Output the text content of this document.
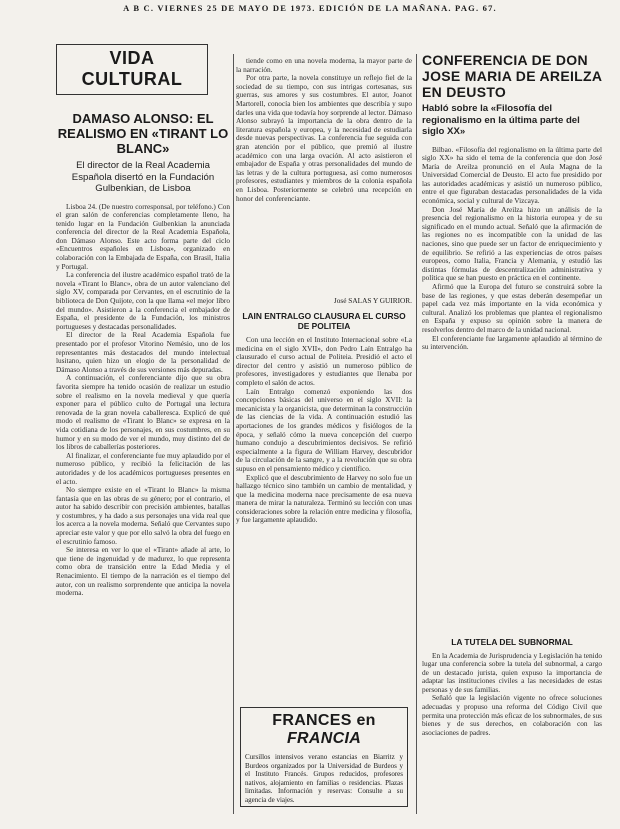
A B C. VIERNES 25 DE MAYO DE 1973. EDICIÓN DE LA MAÑANA. PAG. 67.
VIDA CULTURAL
DAMASO ALONSO: EL REALISMO EN «TIRANT LO BLANC»
El director de la Real Academia Española disertó en la Fundación Gulbenkian, de Lisboa

Lisboa 24. (De nuestro corresponsal, por teléfono.) Con el gran salón de conferencias completamente lleno, ha tenido lugar en la Fundación Gulbenkian la anunciada conferencia del director de la Real Academia Española, don Dámaso Alonso. Este acto forma parte del ciclo «Encuentros españoles en Lisboa», organizado en colaboración con la Embajada de España, con Brasil, Italia y Portugal.

La conferencia del ilustre académico español trató de la novela «Tirant lo Blanc», obra de un autor valenciano del siglo XV, comparada por Cervantes, en el escrutinio de la biblioteca de Don Quijote, con la que llama «el mejor libro del mundo». Asistieron a la conferencia el embajador de España, el presidente de la Fundación, los ministros portugueses y destacadas personalidades.

El director de la Real Academia Española fue presentado por el profesor Vitorino Nemésio, uno de los representantes más destacados del mundo intelectual lusitano, quien hizo un elogio de la personalidad de Dámaso Alonso a través de sus versiones más depuradas.

A continuación, el conferenciante dijo que su obra favorita siempre ha tenido ocasión de realizar un estudio sobre el realismo en la novela medieval y que quería exponer para el público culto de Portugal una lectura renovada de la gran novela caballeresca. Explicó de qué modo el realismo de «Tirant lo Blanc» se expresa en la vida cotidiana de los personajes, en sus costumbres, en su humor y en su modo de ver el mundo, muy distinto del de los libros de caballerías posteriores.

Al finalizar, el conferenciante fue muy aplaudido por el numeroso público, y recibió la felicitación de las autoridades y de los académicos portugueses presentes en el acto.

No siempre existe en el «Tirant lo Blanc» la misma fantasía que en las obras de su género; por el contrario, el autor ha sabido describir con precisión ambientes, batallas y costumbres, y ha dado a sus personajes una vida real que los acerca a la novela moderna. Señaló que Cervantes supo apreciar este valor y que por ello salvó la obra del fuego en el escrutinio famoso.

Se interesa en ver lo que el «Tirant» añade al arte, lo que tiene de ingenuidad y de madurez, lo que representa como obra de transición entre la Edad Media y el Renacimiento. El tiempo de la narración es el tiempo del autor, con un realismo sorprendente que anticipa la novela moderna.

tiende como en una novela moderna, la mayor parte de la narración.

Por otra parte, la novela constituye un reflejo fiel de la sociedad de su tiempo, con sus intrigas cortesanas, sus guerras, sus amores y sus costumbres. El autor, Joanot Martorell, conocía bien los ambientes que describía y supo darles una vida que todavía hoy sorprende al lector. Dámaso Alonso subrayó la importancia de la obra dentro de la literatura española y europea, y la necesidad de estudiarla desde nuevas perspectivas. La conferencia fue seguida con gran atención por el público, que premió al ilustre académico con una larga ovación. Al acto asistieron el embajador de España y otras personalidades del mundo de las letras y de la cultura portuguesa, así como numerosos profesores, estudiantes y miembros de la colonia española en Lisboa. Posteriormente se celebró una recepción en honor del conferenciante.

José SALAS Y GUIRIOR.
LAIN ENTRALGO CLAUSURA EL CURSO DE POLITEIA

Con una lección en el Instituto Internacional sobre «La medicina en el siglo XVII», don Pedro Laín Entralgo ha clausurado el curso actual de Politeia. Presidió el acto el director del centro y asistió un numeroso público de profesores, investigadores y estudiantes que llenaba por completo el salón de actos.

Laín Entralgo comenzó exponiendo las dos concepciones básicas del universo en el siglo XVII: la mecanicista y la organicista, que determinan la construcción de las ciencias de la vida. A continuación estudió las aportaciones de los grandes médicos y fisiólogos de la época, y señaló cómo la nueva concepción del cuerpo humano condujo a descubrimientos decisivos. Se refirió especialmente a la figura de William Harvey, descubridor de la circulación de la sangre, y a la revolución que su obra supuso en el pensamiento médico y científico.

Explicó que el descubrimiento de Harvey no solo fue un hallazgo técnico sino también un cambio de mentalidad, y que la medicina moderna nace precisamente de esa nueva manera de mirar la naturaleza. Terminó su lección con unas consideraciones sobre la relación entre medicina y filosofía, y fue largamente aplaudido.

FRANCES en FRANCIA

Cursillos intensivos verano estancias en Biarritz y Burdeos organizados por la Universidad de Burdeos y el Instituto Francés. Grupos reducidos, profesores nativos, alojamiento en familias o residencias. Plazas limitadas. Información y reservas: Consulte a su agencia de viajes.

CONFERENCIA DE DON JOSE MARIA DE AREILZA EN DEUSTO
Habló sobre la «Filosofía del regionalismo en la última parte del siglo XX»

Bilbao. «Filosofía del regionalismo en la última parte del siglo XX» ha sido el tema de la conferencia que don José María de Areilza pronunció en el Aula Magna de la Universidad Comercial de Deusto. El acto fue presidido por las autoridades académicas y asistió un numeroso público, entre el que figuraban destacadas personalidades de la vida económica, social y cultural de Vizcaya.

Don José María de Areilza hizo un análisis de la presencia del regionalismo en la historia europea y de su significado en el mundo actual. Señaló que la afirmación de las regiones no es incompatible con la unidad de las naciones, sino que puede ser un factor de enriquecimiento y de equilibrio. Se refirió a las experiencias de otros países europeos, como Italia, Francia y Alemania, y estudió las distintas fórmulas de descentralización administrativa y política que se han puesto en práctica en el continente.

Afirmó que la Europa del futuro se construirá sobre la base de las regiones, y que estas deberán desempeñar un papel cada vez más importante en la vida económica y cultural. Analizó los problemas que plantea el regionalismo en España y expuso su opinión sobre la manera de resolverlos dentro del marco de la unidad nacional.

El conferenciante fue largamente aplaudido al término de su intervención.

LA TUTELA DEL SUBNORMAL

En la Academia de Jurisprudencia y Legislación ha tenido lugar una conferencia sobre la tutela del subnormal, a cargo de un destacado jurista, quien expuso la importancia de adaptar las instituciones civiles a las necesidades de estas personas y de sus familias.

Señaló que la legislación vigente no ofrece soluciones adecuadas y propuso una reforma del Código Civil que permita una protección más eficaz de los subnormales, de sus bienes y de sus derechos, en colaboración con las asociaciones de padres.
